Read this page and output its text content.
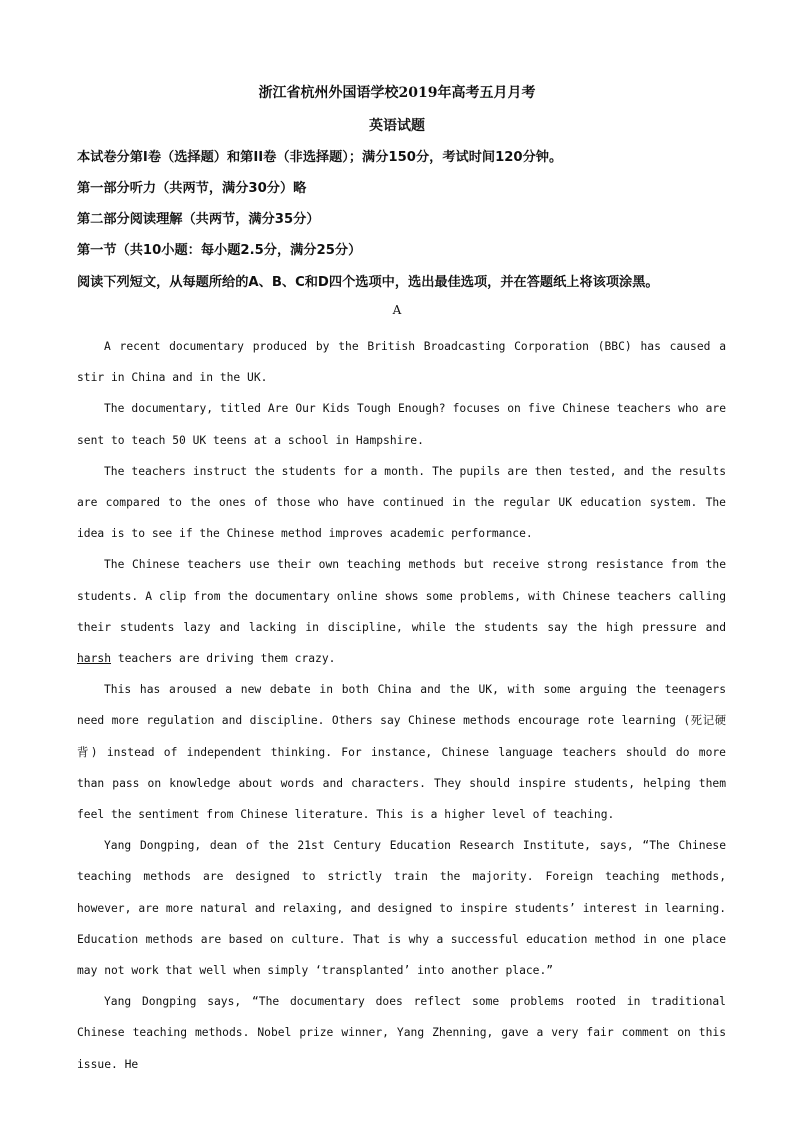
浙江省杭州外国语学校2019年高考五月月考
英语试题
本试卷分第I卷（选择题）和第II卷（非选择题）；满分150分，考试时间120分钟。
第一部分听力（共两节，满分30分）略
第二部分阅读理解（共两节，满分35分）
第一节（共10小题：每小题2.5分，满分25分）
阅读下列短文，从每题所给的A、B、C和D四个选项中，选出最佳选项，并在答题纸上将该项涂黑。
A

A recent documentary produced by the British Broadcasting Corporation (BBC) has caused a stir in China and in the UK.

The documentary, titled Are Our Kids Tough Enough? focuses on five Chinese teachers who are sent to teach 50 UK teens at a school in Hampshire.

The teachers instruct the students for a month. The pupils are then tested, and the results are compared to the ones of those who have continued in the regular UK education system. The idea is to see if the Chinese method improves academic performance.

The Chinese teachers use their own teaching methods but receive strong resistance from the students. A clip from the documentary online shows some problems, with Chinese teachers calling their students lazy and lacking in discipline, while the students say the high pressure and harsh teachers are driving them crazy.

This has aroused a new debate in both China and the UK, with some arguing the teenagers need more regulation and discipline. Others say Chinese methods encourage rote learning (死记硬背) instead of independent thinking. For instance, Chinese language teachers should do more than pass on knowledge about words and characters. They should inspire students, helping them feel the sentiment from Chinese literature. This is a higher level of teaching.

Yang Dongping, dean of the 21st Century Education Research Institute, says, “The Chinese teaching methods are designed to strictly train the majority. Foreign teaching methods, however, are more natural and relaxing, and designed to inspire students’ interest in learning. Education methods are based on culture. That is why a successful education method in one place may not work that well when simply ‘transplanted’ into another place.”

Yang Dongping says, “The documentary does reflect some problems rooted in traditional Chinese teaching methods. Nobel prize winner, Yang Zhenning, gave a very fair comment on this issue. He
